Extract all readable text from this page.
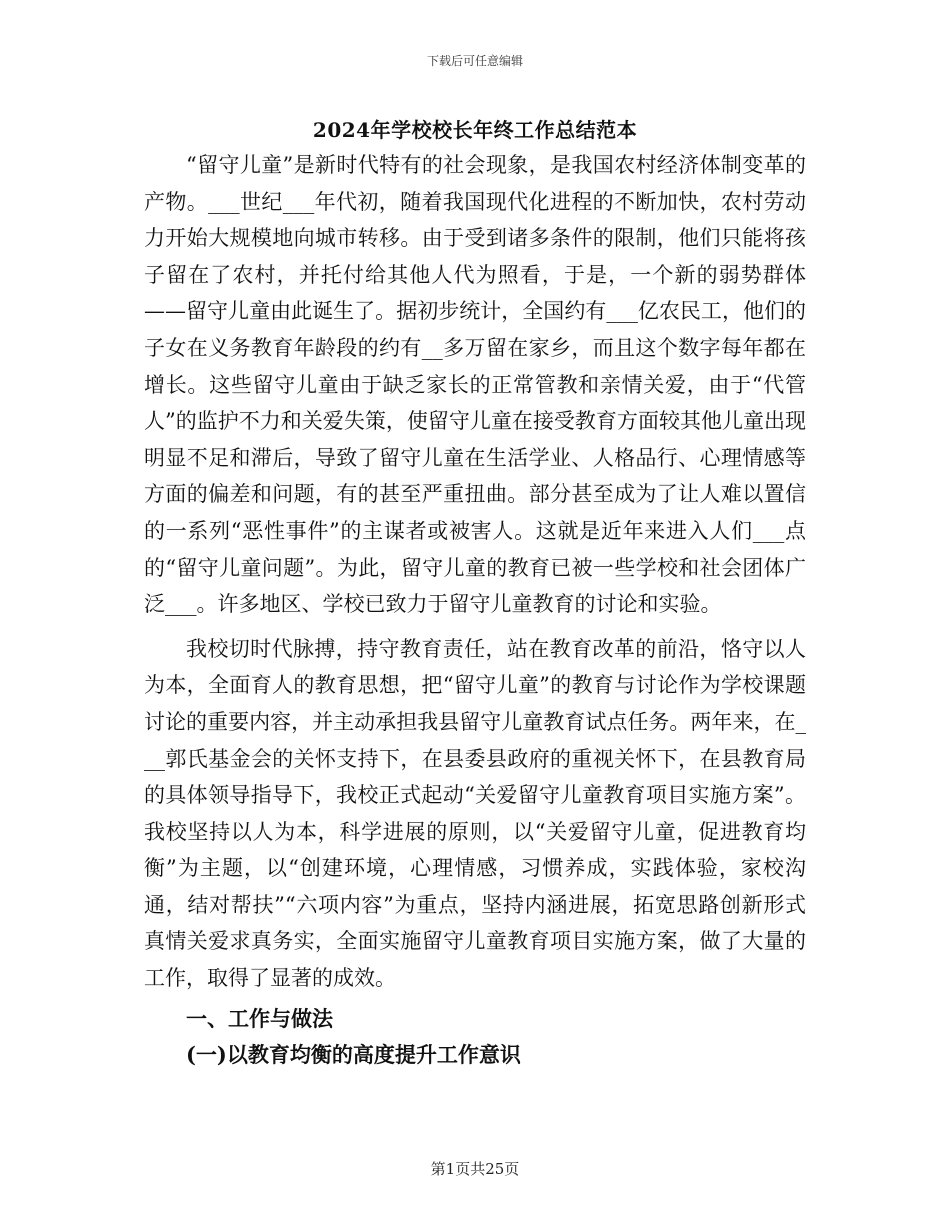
下载后可任意编辑
2024年学校校长年终工作总结范本

“留守儿童”是新时代特有的社会现象，是我国农村经济体制变革的产物。___世纪___年代初，随着我国现代化进程的不断加快，农村劳动力开始大规模地向城市转移。由于受到诸多条件的限制，他们只能将孩子留在了农村，并托付给其他人代为照看，于是，一个新的弱势群体——留守儿童由此诞生了。据初步统计，全国约有___亿农民工，他们的子女在义务教育年龄段的约有__多万留在家乡，而且这个数字每年都在增长。这些留守儿童由于缺乏家长的正常管教和亲情关爱，由于“代管人”的监护不力和关爱失策，使留守儿童在接受教育方面较其他儿童出现明显不足和滞后，导致了留守儿童在生活学业、人格品行、心理情感等方面的偏差和问题，有的甚至严重扭曲。部分甚至成为了让人难以置信的一系列“恶性事件”的主谋者或被害人。这就是近年来进入人们___点的“留守儿童问题”。为此，留守儿童的教育已被一些学校和社会团体广泛___。许多地区、学校已致力于留守儿童教育的讨论和实验。

我校切时代脉搏，持守教育责任，站在教育改革的前沿，恪守以人为本，全面育人的教育思想，把“留守儿童”的教育与讨论作为学校课题讨论的重要内容，并主动承担我县留守儿童教育试点任务。两年来，在___郭氏基金会的关怀支持下，在县委县政府的重视关怀下，在县教育局的具体领导指导下，我校正式起动“关爱留守儿童教育项目实施方案”。我校坚持以人为本，科学进展的原则，以“关爱留守儿童，促进教育均衡”为主题，以“创建环境，心理情感，习惯养成，实践体验，家校沟通，结对帮扶”“六项内容”为重点，坚持内涵进展，拓宽思路创新形式真情关爱求真务实，全面实施留守儿童教育项目实施方案，做了大量的工作，取得了显著的成效。

一、工作与做法
(一)以教育均衡的高度提升工作意识
第1页共25页
